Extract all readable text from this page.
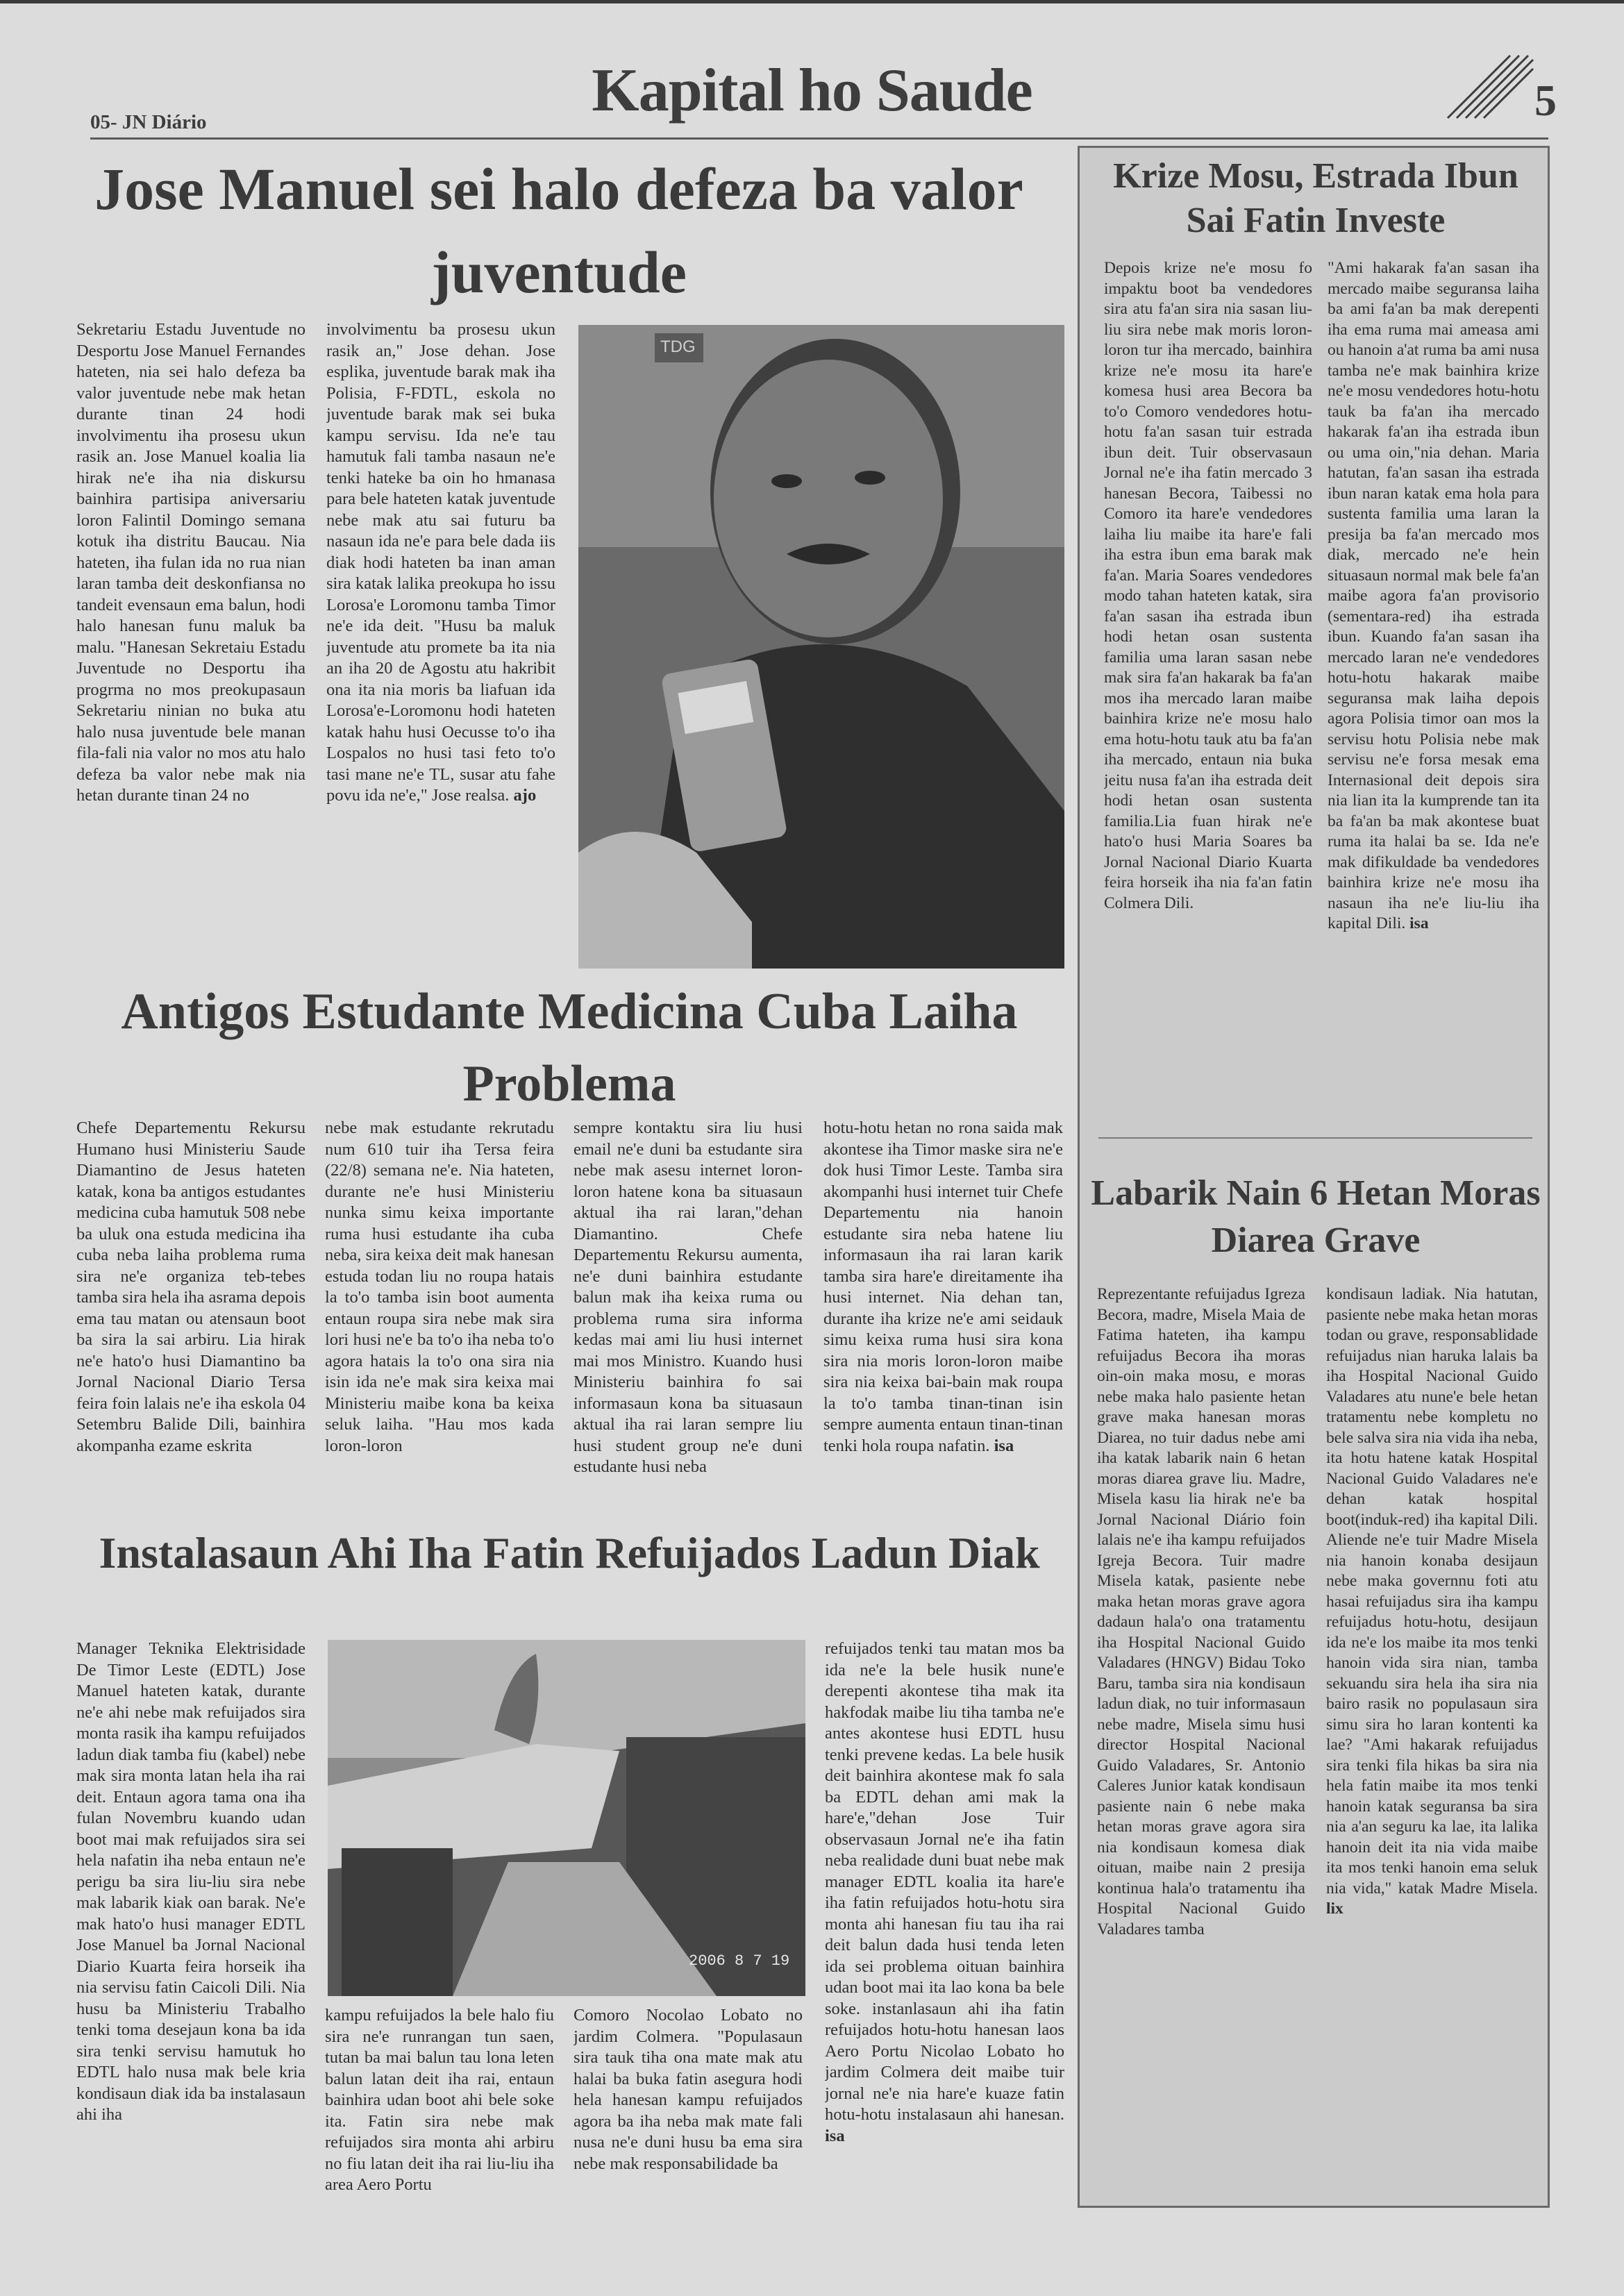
Kapital ho Saude
05- JN Diário	5
Jose Manuel sei halo defeza ba valor juventude

Sekretariu Estadu Juventude no Desportu Jose Manuel Fernandes hateten, nia sei halo defeza ba valor juventude nebe mak hetan durante tinan 24 hodi involvimentu iha prosesu ukun rasik an. Jose Manuel koalia lia hirak ne'e iha nia diskursu bainhira partisipa aniversariu loron Falintil Domingo semana kotuk iha distritu Baucau. Nia hateten, iha fulan ida no rua nian laran tamba deit deskonfiansa no tandeit evensaun ema balun, hodi halo hanesan funu maluk ba malu. "Hanesan Sekretaiu Estadu Juventude no Desportu iha progrma no mos preokupasaun Sekretariu ninian no buka atu halo nusa juventude bele manan fila-fali nia valor no mos atu halo defeza ba valor nebe mak nia hetan durante tinan 24 no

involvimentu ba prosesu ukun rasik an," Jose dehan. Jose esplika, juventude barak mak iha Polisia, F-FDTL, eskola no juventude barak mak sei buka kampu servisu. Ida ne'e tau hamutuk fali tamba nasaun ne'e tenki hateke ba oin ho hmanasa para bele hateten katak juventude nebe mak atu sai futuru ba nasaun ida ne'e para bele dada iis diak hodi hateten ba inan aman sira katak lalika preokupa ho issu Lorosa'e Loromonu tamba Timor ne'e ida deit. "Husu ba maluk juventude atu promete ba ita nia an iha 20 de Agostu atu hakribit ona ita nia moris ba liafuan ida Lorosa'e-Loromonu hodi hateten katak hahu husi Oecusse to'o iha Lospalos no husi tasi feto to'o tasi mane ne'e TL, susar atu fahe povu ida ne'e," Jose realsa. ajo

TDG
Antigos Estudante Medicina Cuba Laiha Problema

Chefe Departementu Rekursu Humano husi Ministeriu Saude Diamantino de Jesus hateten katak, kona ba antigos estudantes medicina cuba hamutuk 508 nebe ba uluk ona estuda medicina iha cuba neba laiha problema ruma sira ne'e organiza teb-tebes tamba sira hela iha asrama depois ema tau matan ou atensaun boot ba sira la sai arbiru. Lia hirak ne'e hato'o husi Diamantino ba Jornal Nacional Diario Tersa feira foin lalais ne'e iha eskola 04 Setembru Balide Dili, bainhira akompanha ezame eskrita

nebe mak estudante rekrutadu num 610 tuir iha Tersa feira (22/8) semana ne'e. Nia hateten, durante ne'e husi Ministeriu nunka simu keixa importante ruma husi estudante iha cuba neba, sira keixa deit mak hanesan estuda todan liu no roupa hatais la to'o tamba isin boot aumenta entaun roupa sira nebe mak sira lori husi ne'e ba to'o iha neba to'o agora hatais la to'o ona sira nia isin ida ne'e mak sira keixa mai Ministeriu maibe kona ba keixa seluk laiha. "Hau mos kada loron-loron

sempre kontaktu sira liu husi email ne'e duni ba estudante sira nebe mak asesu internet loron-loron hatene kona ba situasaun aktual iha rai laran,"dehan Diamantino. Chefe Departementu Rekursu aumenta, ne'e duni bainhira estudante balun mak iha keixa ruma ou problema ruma sira informa kedas mai ami liu husi internet mai mos Ministro. Kuando husi Ministeriu bainhira fo sai informasaun kona ba situasaun aktual iha rai laran sempre liu husi student group ne'e duni estudante husi neba

hotu-hotu hetan no rona saida mak akontese iha Timor maske sira ne'e dok husi Timor Leste. Tamba sira akompanhi husi internet tuir Chefe Departementu nia hanoin estudante sira neba hatene liu informasaun iha rai laran karik tamba sira hare'e direitamente iha husi internet. Nia dehan tan, durante iha krize ne'e ami seidauk simu keixa ruma husi sira kona sira nia moris loron-loron maibe sira nia keixa bai-bain mak roupa la to'o tamba tinan-tinan isin sempre aumenta entaun tinan-tinan tenki hola roupa nafatin. isa

Instalasaun Ahi Iha Fatin Refuijados Ladun Diak

Manager Teknika Elektrisidade De Timor Leste (EDTL) Jose Manuel hateten katak, durante ne'e ahi nebe mak refuijados sira monta rasik iha kampu refuijados ladun diak tamba fiu (kabel) nebe mak sira monta latan hela iha rai deit. Entaun agora tama ona iha fulan Novembru kuando udan boot mai mak refuijados sira sei hela nafatin iha neba entaun ne'e perigu ba sira liu-liu sira nebe mak labarik kiak oan barak. Ne'e mak hato'o husi manager EDTL Jose Manuel ba Jornal Nacional Diario Kuarta feira horseik iha nia servisu fatin Caicoli Dili. Nia husu ba Ministeriu Trabalho tenki toma desejaun kona ba ida sira tenki servisu hamutuk ho EDTL halo nusa mak bele kria kondisaun diak ida ba instalasaun ahi iha

2006 8 7 19

kampu refuijados la bele halo fiu sira ne'e runrangan tun saen, tutan ba mai balun tau lona leten balun latan deit iha rai, entaun bainhira udan boot ahi bele soke ita. Fatin sira nebe mak refuijados sira monta ahi arbiru no fiu latan deit iha rai liu-liu iha area Aero Portu

Comoro Nocolao Lobato no jardim Colmera. "Populasaun sira tauk tiha ona mate mak atu halai ba buka fatin asegura hodi hela hanesan kampu refuijados agora ba iha neba mak mate fali nusa ne'e duni husu ba ema sira nebe mak responsabilidade ba

refuijados tenki tau matan mos ba ida ne'e la bele husik nune'e derepenti akontese tiha mak ita hakfodak maibe liu tiha tamba ne'e antes akontese husi EDTL husu tenki prevene kedas. La bele husik deit bainhira akontese mak fo sala ba EDTL dehan ami mak la hare'e,"dehan Jose Tuir observasaun Jornal ne'e iha fatin neba realidade duni buat nebe mak manager EDTL koalia ita hare'e iha fatin refuijados hotu-hotu sira monta ahi hanesan fiu tau iha rai deit balun dada husi tenda leten ida sei problema oituan bainhira udan boot mai ita lao kona ba bele soke. instanlasaun ahi iha fatin refuijados hotu-hotu hanesan laos Aero Portu Nicolao Lobato ho jardim Colmera deit maibe tuir jornal ne'e nia hare'e kuaze fatin hotu-hotu instalasaun ahi hanesan. isa

Krize Mosu, Estrada Ibun Sai Fatin Investe

Depois krize ne'e mosu fo impaktu boot ba vendedores sira atu fa'an sira nia sasan liu-liu sira nebe mak moris loron-loron tur iha mercado, bainhira krize ne'e mosu ita hare'e komesa husi area Becora ba to'o Comoro vendedores hotu-hotu fa'an sasan tuir estrada ibun deit. Tuir observasaun Jornal ne'e iha fatin mercado 3 hanesan Becora, Taibessi no Comoro ita hare'e vendedores laiha liu maibe ita hare'e fali iha estra ibun ema barak mak fa'an. Maria Soares vendedores modo tahan hateten katak, sira fa'an sasan iha estrada ibun hodi hetan osan sustenta familia uma laran sasan nebe mak sira fa'an hakarak ba fa'an mos iha mercado laran maibe bainhira krize ne'e mosu halo ema hotu-hotu tauk atu ba fa'an iha mercado, entaun nia buka jeitu nusa fa'an iha estrada deit hodi hetan osan sustenta familia.Lia fuan hirak ne'e hato'o husi Maria Soares ba Jornal Nacional Diario Kuarta feira horseik iha nia fa'an fatin Colmera Dili.

"Ami hakarak fa'an sasan iha mercado maibe seguransa laiha ba ami fa'an ba mak derepenti iha ema ruma mai ameasa ami ou hanoin a'at ruma ba ami nusa tamba ne'e mak bainhira krize ne'e mosu vendedores hotu-hotu tauk ba fa'an iha mercado hakarak fa'an iha estrada ibun ou uma oin,"nia dehan. Maria hatutan, fa'an sasan iha estrada ibun naran katak ema hola para sustenta familia uma laran la presija ba fa'an mercado mos diak, mercado ne'e hein situasaun normal mak bele fa'an maibe agora fa'an provisorio (sementara-red) iha estrada ibun. Kuando fa'an sasan iha mercado laran ne'e vendedores hotu-hotu hakarak maibe seguransa mak laiha depois agora Polisia timor oan mos la servisu hotu Polisia nebe mak servisu ne'e forsa mesak ema Internasional deit depois sira nia lian ita la kumprende tan ita ba fa'an ba mak akontese buat ruma ita halai ba se. Ida ne'e mak difikuldade ba vendedores bainhira krize ne'e mosu iha nasaun iha ne'e liu-liu iha kapital Dili. isa

Labarik Nain 6 Hetan Moras Diarea Grave

Reprezentante refuijadus Igreza Becora, madre, Misela Maia de Fatima hateten, iha kampu refuijadus Becora iha moras oin-oin maka mosu, e moras nebe maka halo pasiente hetan grave maka hanesan moras Diarea, no tuir dadus nebe ami iha katak labarik nain 6 hetan moras diarea grave liu. Madre, Misela kasu lia hirak ne'e ba Jornal Nacional Diário foin lalais ne'e iha kampu refuijados Igreja Becora. Tuir madre Misela katak, pasiente nebe maka hetan moras grave agora dadaun hala'o ona tratamentu iha Hospital Nacional Guido Valadares (HNGV) Bidau Toko Baru, tamba sira nia kondisaun ladun diak, no tuir informasaun nebe madre, Misela simu husi director Hospital Nacional Guido Valadares, Sr. Antonio Caleres Junior katak kondisaun pasiente nain 6 nebe maka hetan moras grave agora sira nia kondisaun komesa diak oituan, maibe nain 2 presija kontinua hala'o tratamentu iha Hospital Nacional Guido Valadares tamba

kondisaun ladiak. Nia hatutan, pasiente nebe maka hetan moras todan ou grave, responsablidade refuijadus nian haruka lalais ba iha Hospital Nacional Guido Valadares atu nune'e bele hetan tratamentu nebe kompletu no bele salva sira nia vida iha neba, ita hotu hatene katak Hospital Nacional Guido Valadares ne'e dehan katak hospital boot(induk-red) iha kapital Dili. Aliende ne'e tuir Madre Misela nia hanoin konaba desijaun nebe maka governnu foti atu hasai refuijadus sira iha kampu refuijadus hotu-hotu, desijaun ida ne'e los maibe ita mos tenki hanoin vida sira nian, tamba sekuandu sira hela iha sira nia bairo rasik no populasaun sira simu sira ho laran kontenti ka lae? "Ami hakarak refuijadus sira tenki fila hikas ba sira nia hela fatin maibe ita mos tenki hanoin katak seguransa ba sira nia a'an seguru ka lae, ita lalika hanoin deit ita nia vida maibe ita mos tenki hanoin ema seluk nia vida," katak Madre Misela. lix
